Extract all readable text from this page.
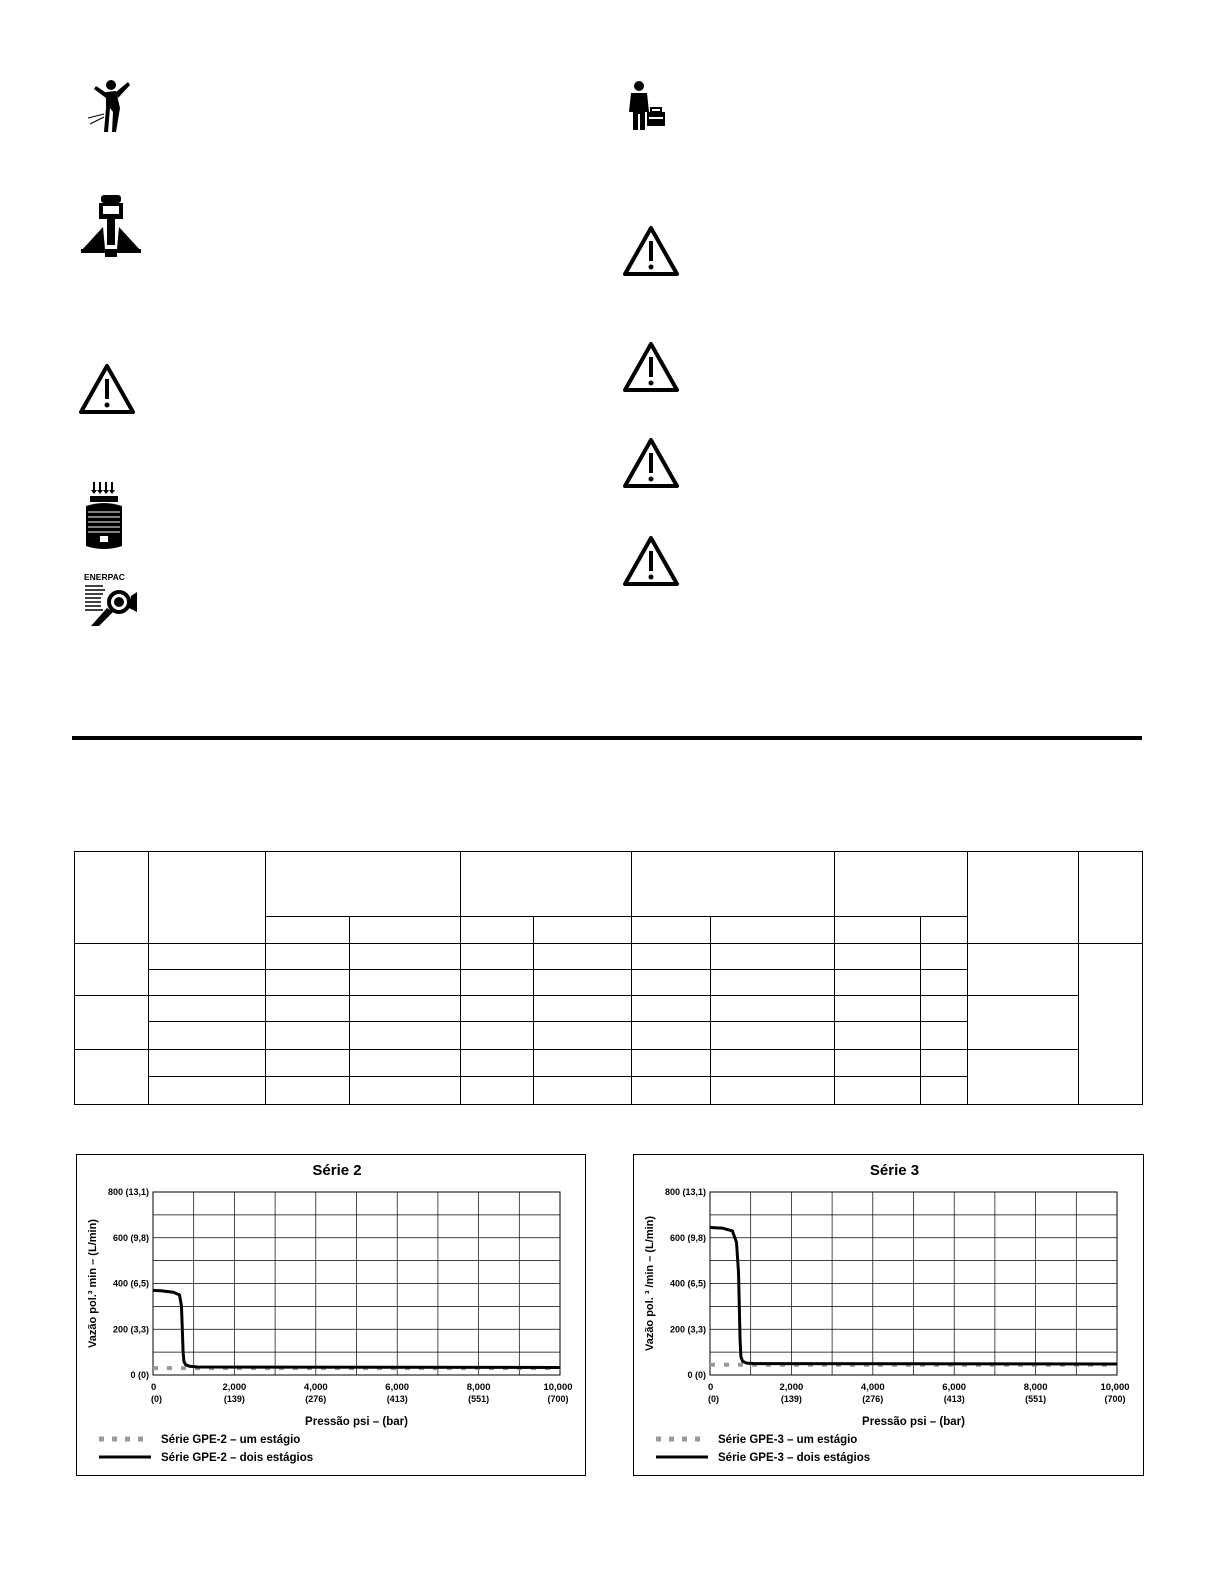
ENERPAC

Série 2
0 (0)
200 (3,3)
400 (6,5)
600 (9,8)
800 (13,1)
0
(0)
2,000
(139)
4,000
(276)
6,000
(413)
8,000
(551)
10,000
(700)
Pressão psi – (bar)
Vazão pol.³ min – (L/min)
Série GPE-2 – um estágio
Série GPE-2 – dois estágios
Série 3
0 (0)
200 (3,3)
400 (6,5)
600 (9,8)
800 (13,1)
0
(0)
2,000
(139)
4,000
(276)
6,000
(413)
8,000
(551)
10,000
(700)
Pressão psi – (bar)
Vazão pol. ³ /min – (L/min)
Série GPE-3 – um estágio
Série GPE-3 – dois estágios
